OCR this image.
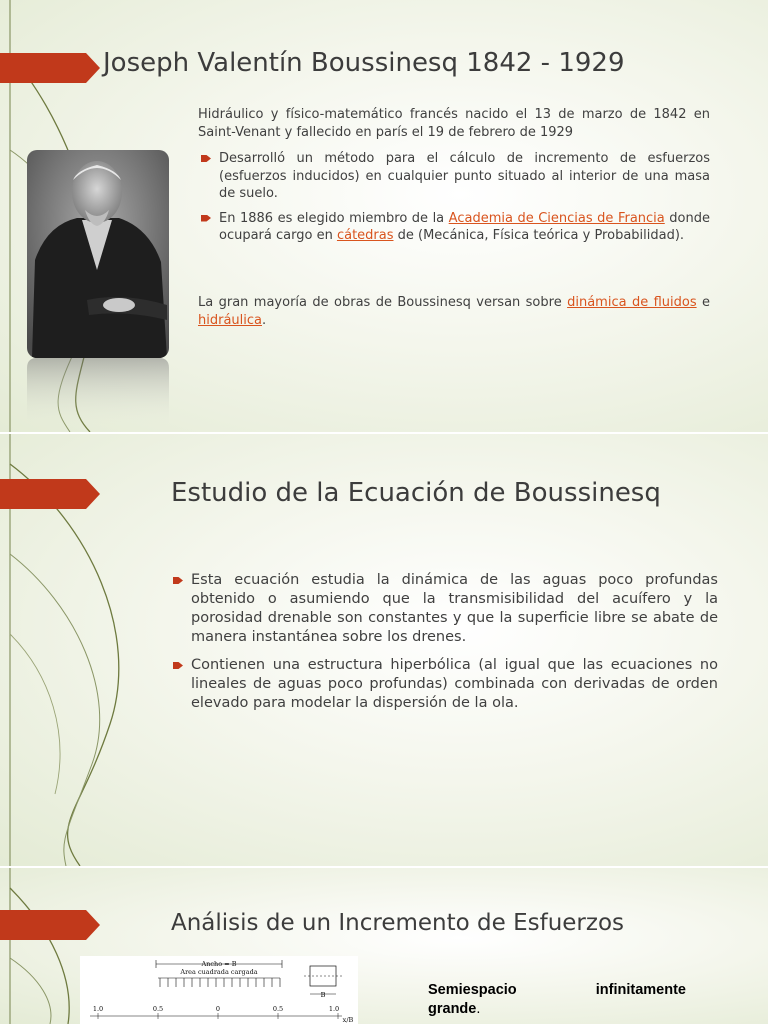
Joseph Valentín Boussinesq 1842 - 1929

Hidráulico y físico-matemático francés nacido el 13 de marzo de 1842 en Saint-Venant y fallecido en parís el 19 de febrero de 1929

Desarrolló un método para el cálculo de incremento de esfuerzos (esfuerzos inducidos) en cualquier punto situado al interior de una masa de suelo.
En 1886 es elegido miembro de la Academia de Ciencias de Francia donde ocupará cargo en cátedras de (Mecánica, Física teórica y Probabilidad).

La gran mayoría de obras de Boussinesq versan sobre dinámica de fluidos e hidráulica.

Estudio de la Ecuación de Boussinesq
Esta ecuación estudia la dinámica de las aguas poco profundas obtenido o asumiendo que la transmisibilidad del acuífero y la porosidad drenable son constantes y que la superficie libre se abate de manera instantánea sobre los drenes.
Contienen una estructura hiperbólica (al igual que las ecuaciones no lineales de aguas poco profundas) combinada con derivadas de orden elevado para modelar la dispersión de la ola.
Análisis de un Incremento de Esfuerzos
Ancho = B
Area cuadrada cargada
B
1.0	0.5	0	0.5	1.0
x/B
Semiespacio	infinitamente
grande.
